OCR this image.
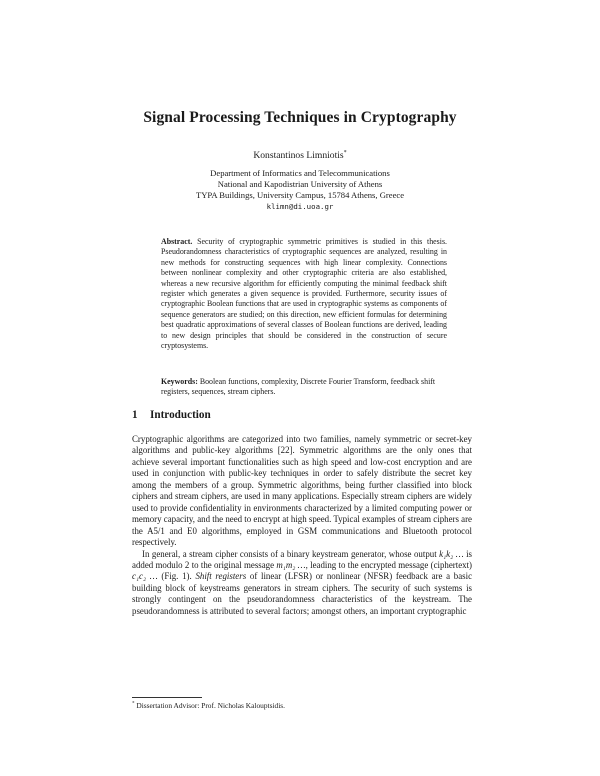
Signal Processing Techniques in Cryptography
Konstantinos Limniotis*
Department of Informatics and Telecommunications
National and Kapodistrian University of Athens
TYPA Buildings, University Campus, 15784 Athens, Greece
klimn@di.uoa.gr
Abstract. Security of cryptographic symmetric primitives is studied in this thesis. Pseudorandomness characteristics of cryptographic sequences are analyzed, resulting in new methods for constructing sequences with high linear complexity. Connections between nonlinear complexity and other cryptographic criteria are also established, whereas a new recursive algorithm for efficiently computing the minimal feedback shift register which generates a given sequence is provided. Furthermore, security issues of cryptographic Boolean functions that are used in cryptographic systems as components of sequence generators are studied; on this direction, new efficient formulas for determining best quadratic approximations of several classes of Boolean functions are derived, leading to new design principles that should be considered in the construction of secure cryptosystems.
Keywords: Boolean functions, complexity, Discrete Fourier Transform, feedback shift registers, sequences, stream ciphers.
1 Introduction

Cryptographic algorithms are categorized into two families, namely symmetric or secret-key algorithms and public-key algorithms [22]. Symmetric algorithms are the only ones that achieve several important functionalities such as high speed and low-cost encryption and are used in conjunction with public-key techniques in order to safely distribute the secret key among the members of a group. Symmetric algorithms, being further classified into block ciphers and stream ciphers, are used in many applications. Especially stream ciphers are widely used to provide confidentiality in environments characterized by a limited computing power or memory capacity, and the need to encrypt at high speed. Typical examples of stream ciphers are the A5/1 and E0 algorithms, employed in GSM communications and Bluetooth protocol respectively.

In general, a stream cipher consists of a binary keystream generator, whose output k₁k₂ … is added modulo 2 to the original message m₁m₂ …, leading to the encrypted message (ciphertext) c₁c₂ … (Fig. 1). Shift registers of linear (LFSR) or nonlinear (NFSR) feedback are a basic building block of keystreams generators in stream ciphers. The security of such systems is strongly contingent on the pseudorandomness characteristics of the keystream. The pseudorandomness is attributed to several factors; amongst others, an important cryptographic

* Dissertation Advisor: Prof. Nicholas Kalouptsidis.
